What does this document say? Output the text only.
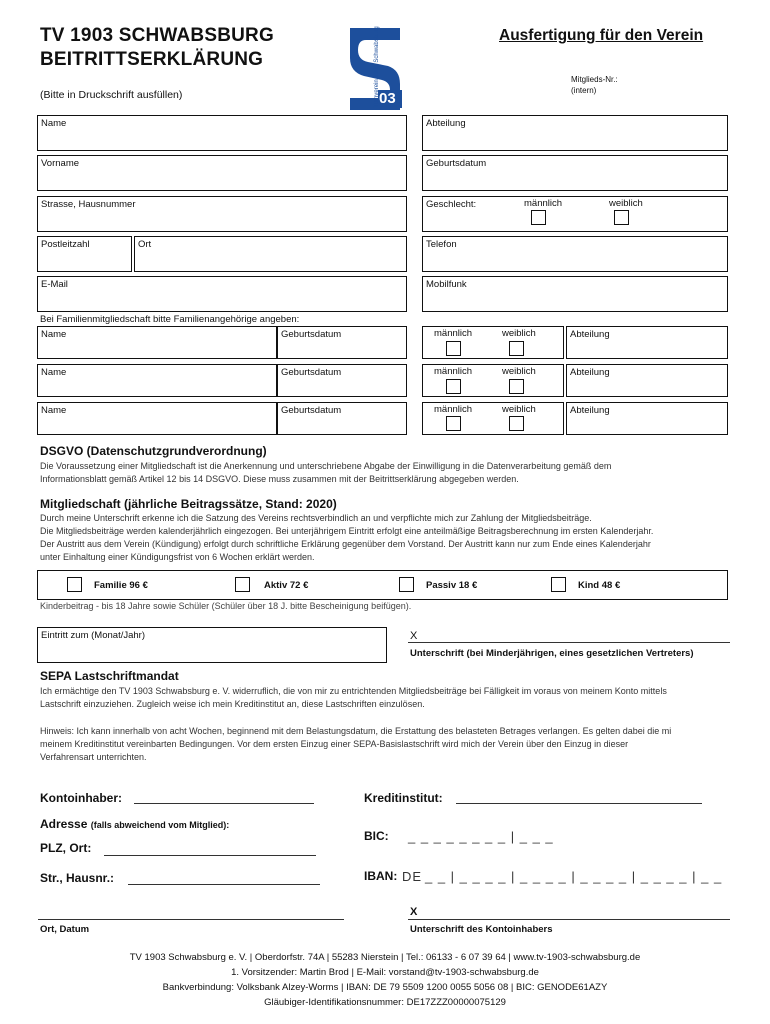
TV 1903 SCHWABSBURG
BEITRITTSERKLÄRUNG
(Bitte in Druckschrift ausfüllen)	03
Turnverein 1903 Schwabsburg	Ausfertigung für den Verein
Mitglieds-Nr.:
(intern)
Name	Abteilung
Vorname	Geburtsdatum
Strasse, Hausnummer	Geschlecht:	männlich	weiblich
Postleitzahl	Ort	Telefon
E-Mail	Mobilfunk
Bei Familienmitgliedschaft bitte Familienangehörige angeben:
Name	Geburtsdatum	männlich	weiblich	Abteilung
Name	Geburtsdatum	männlich	weiblich	Abteilung
Name	Geburtsdatum	männlich	weiblich	Abteilung
DSGVO (Datenschutzgrundverordnung)
Die Voraussetzung einer Mitgliedschaft ist die Anerkennung und unterschriebene Abgabe der Einwilligung in die Datenverarbeitung gemäß dem
Informationsblatt gemäß Artikel 12 bis 14 DSGVO. Diese muss zusammen mit der Beitrittserklärung abgegeben werden.
Mitgliedschaft (jährliche Beitragssätze, Stand: 2020)
Durch meine Unterschrift erkenne ich die Satzung des Vereins rechtsverbindlich an und verpflichte mich zur Zahlung der Mitgliedsbeiträge.
Die Mitgliedsbeiträge werden kalenderjährlich eingezogen. Bei unterjährigem Eintritt erfolgt eine anteilmäßige Beitragsberechnung im ersten Kalenderjahr.
Der Austritt aus dem Verein (Kündigung) erfolgt durch schriftliche Erklärung gegenüber dem Vorstand. Der Austritt kann nur zum Ende eines Kalenderjahr
unter Einhaltung einer Kündigungsfrist von 6 Wochen erklärt werden.
Familie 96 €	Aktiv 72 €	Passiv 18 €	Kind 48 €
Kinderbeitrag - bis 18 Jahre sowie Schüler (Schüler über 18 J. bitte Bescheinigung beifügen).
Eintritt zum (Monat/Jahr)	X
Unterschrift (bei Minderjährigen, eines gesetzlichen Vertreters)
SEPA Lastschriftmandat
Ich ermächtige den TV 1903 Schwabsburg e. V. widerruflich, die von mir zu entrichtenden Mitgliedsbeiträge bei Fälligkeit im voraus von meinem Konto mittels
Lastschrift einzuziehen. Zugleich weise ich mein Kreditinstitut an, diese Lastschriften einzulösen.
Hinweis: Ich kann innerhalb von acht Wochen, beginnend mit dem Belastungsdatum, die Erstattung des belasteten Betrages verlangen. Es gelten dabei die mi
meinem Kreditinstitut vereinbarten Bedingungen. Vor dem ersten Einzug einer SEPA-Basislastschrift wird mich der Verein über den Einzug in dieser
Verfahrensart unterrichten.
Kontoinhaber:	Kreditinstitut:
Adresse (falls abweichend vom Mitglied):
BIC: _ _ _ _ _ _ _ _ | _ _ _
PLZ, Ort:
Str., Hausnr.:	IBAN: DE _ _ | _ _ _ _ | _ _ _ _ | _ _ _ _ | _ _ _ _ | _ _
Ort, Datum
X
Unterschrift des Kontoinhabers
TV 1903 Schwabsburg e. V. | Oberdorfstr. 74A | 55283 Nierstein | Tel.: 06133 - 6 07 39 64 | www.tv-1903-schwabsburg.de
1. Vorsitzender: Martin Brod | E-Mail: vorstand@tv-1903-schwabsburg.de
Bankverbindung: Volksbank Alzey-Worms | IBAN: DE 79 5509 1200 0055 5056 08 | BIC: GENODE61AZY
Gläubiger-Identifikationsnummer: DE17ZZZ00000075129
